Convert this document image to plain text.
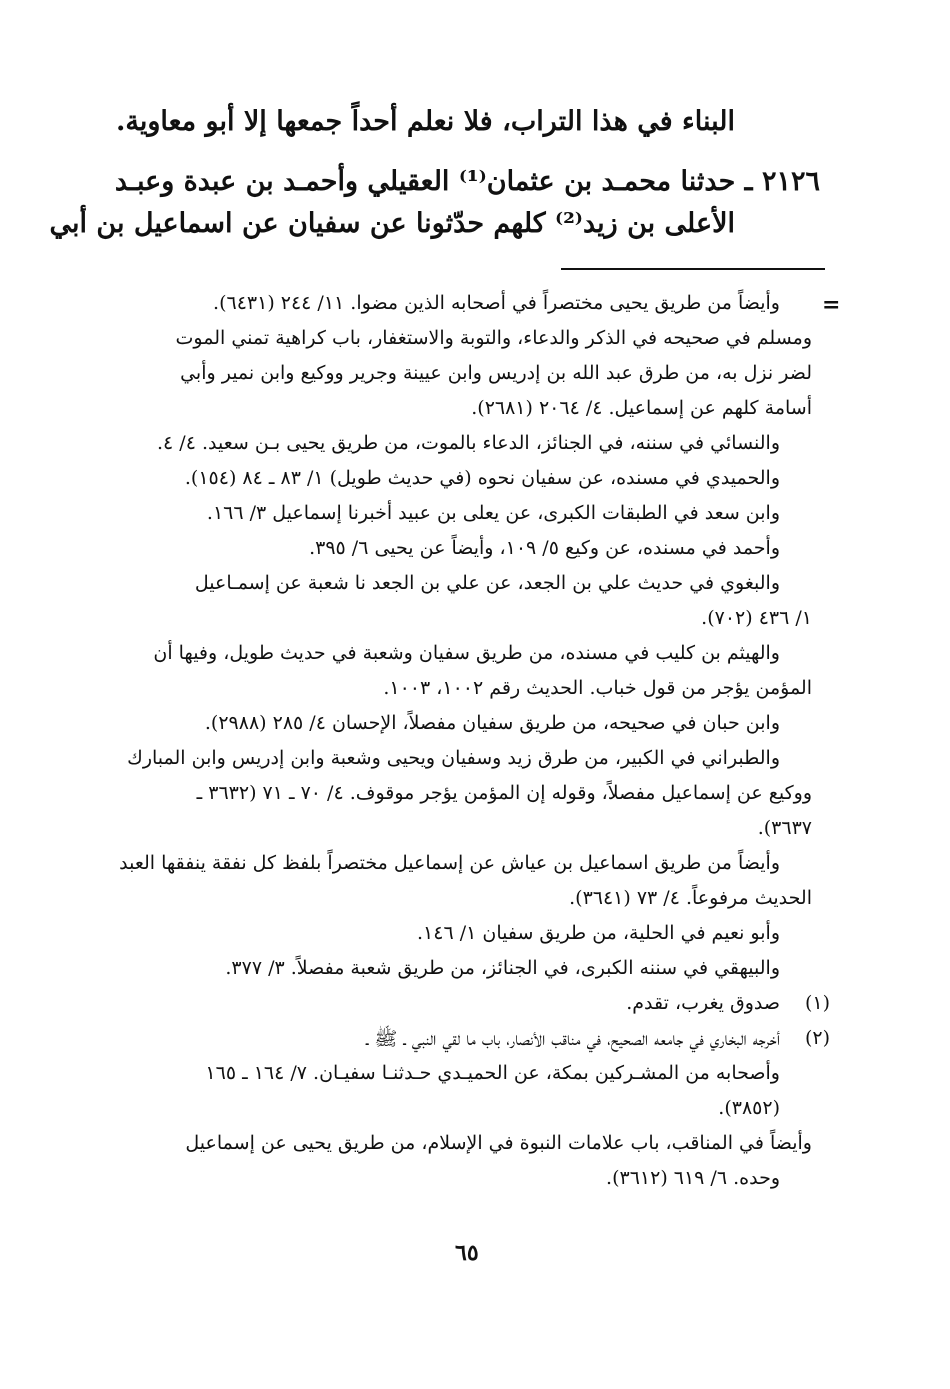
البناء في هذا التراب، فلا نعلم أحداً جمعها إلا أبو معاوية.
٢١٢٦ ـ حدثنا محمـد بن عثمان⁽¹⁾ العقيلي وأحمـد بن عبدة وعبـد
الأعلى بن زيد⁽²⁾ كلهم حدّثونا عن سفيان عن اسماعيل بن أبي
=
وأيضاً من طريق يحيى مختصراً في أصحابه الذين مضوا. ١١/ ٢٤٤ (٦٤٣١).
ومسلم في صحيحه في الذكر والدعاء، والتوبة والاستغفار، باب كراهية تمني الموت
لضر نزل به، من طرق عبد الله بن إدريس وابن عيينة وجرير ووكيع وابن نمير وأبي
أسامة كلهم عن إسماعيل. ٤/ ٢٠٦٤ (٢٦٨١).
والنسائي في سننه، في الجنائز، الدعاء بالموت، من طريق يحيى بـن سعيد. ٤/ ٤.
والحميدي في مسنده، عن سفيان نحوه (في حديث طويل) ١/ ٨٣ ـ ٨٤ (١٥٤).
وابن سعد في الطبقات الكبرى، عن يعلى بن عبيد أخبرنا إسماعيل ٣/ ١٦٦.
وأحمد في مسنده، عن وكيع ٥/ ١٠٩، وأيضاً عن يحيى ٦/ ٣٩٥.
والبغوي في حديث علي بن الجعد، عن علي بن الجعد نا شعبة عن إسمـاعيل
١/ ٤٣٦ (٧٠٢).
والهيثم بن كليب في مسنده، من طريق سفيان وشعبة في حديث طويل، وفيها أن
المؤمن يؤجر من قول خباب. الحديث رقم ١٠٠٢، ١٠٠٣.
وابن حبان في صحيحه، من طريق سفيان مفصلاً، الإحسان ٤/ ٢٨٥ (٢٩٨٨).
والطبراني في الكبير، من طرق زيد وسفيان ويحيى وشعبة وابن إدريس وابن المبارك
ووكيع عن إسماعيل مفصلاً، وقوله إن المؤمن يؤجر موقوف. ٤/ ٧٠ ـ ٧١ (٣٦٣٢ ـ
٣٦٣٧).
وأيضاً من طريق اسماعيل بن عياش عن إسماعيل مختصراً بلفظ كل نفقة ينفقها العبد
الحديث مرفوعاً. ٤/ ٧٣ (٣٦٤١).
وأبو نعيم في الحلية، من طريق سفيان ١/ ١٤٦.
والبيهقي في سننه الكبرى، في الجنائز، من طريق شعبة مفصلاً. ٣/ ٣٧٧.
(١)
صدوق يغرب، تقدم.
(٢)
أخرجه البخاري في جامعه الصحيح، في مناقب الأنصار، باب ما لقي النبي ـ ﷺ ـ
وأصحابه من المشـركين بمكة، عن الحميـدي حـدثنـا سفيـان. ٧/ ١٦٤ ـ ١٦٥
(٣٨٥٢).
وأيضاً في المناقب، باب علامات النبوة في الإسلام، من طريق يحيى عن إسماعيل
وحده. ٦/ ٦١٩ (٣٦١٢).
٦٥
